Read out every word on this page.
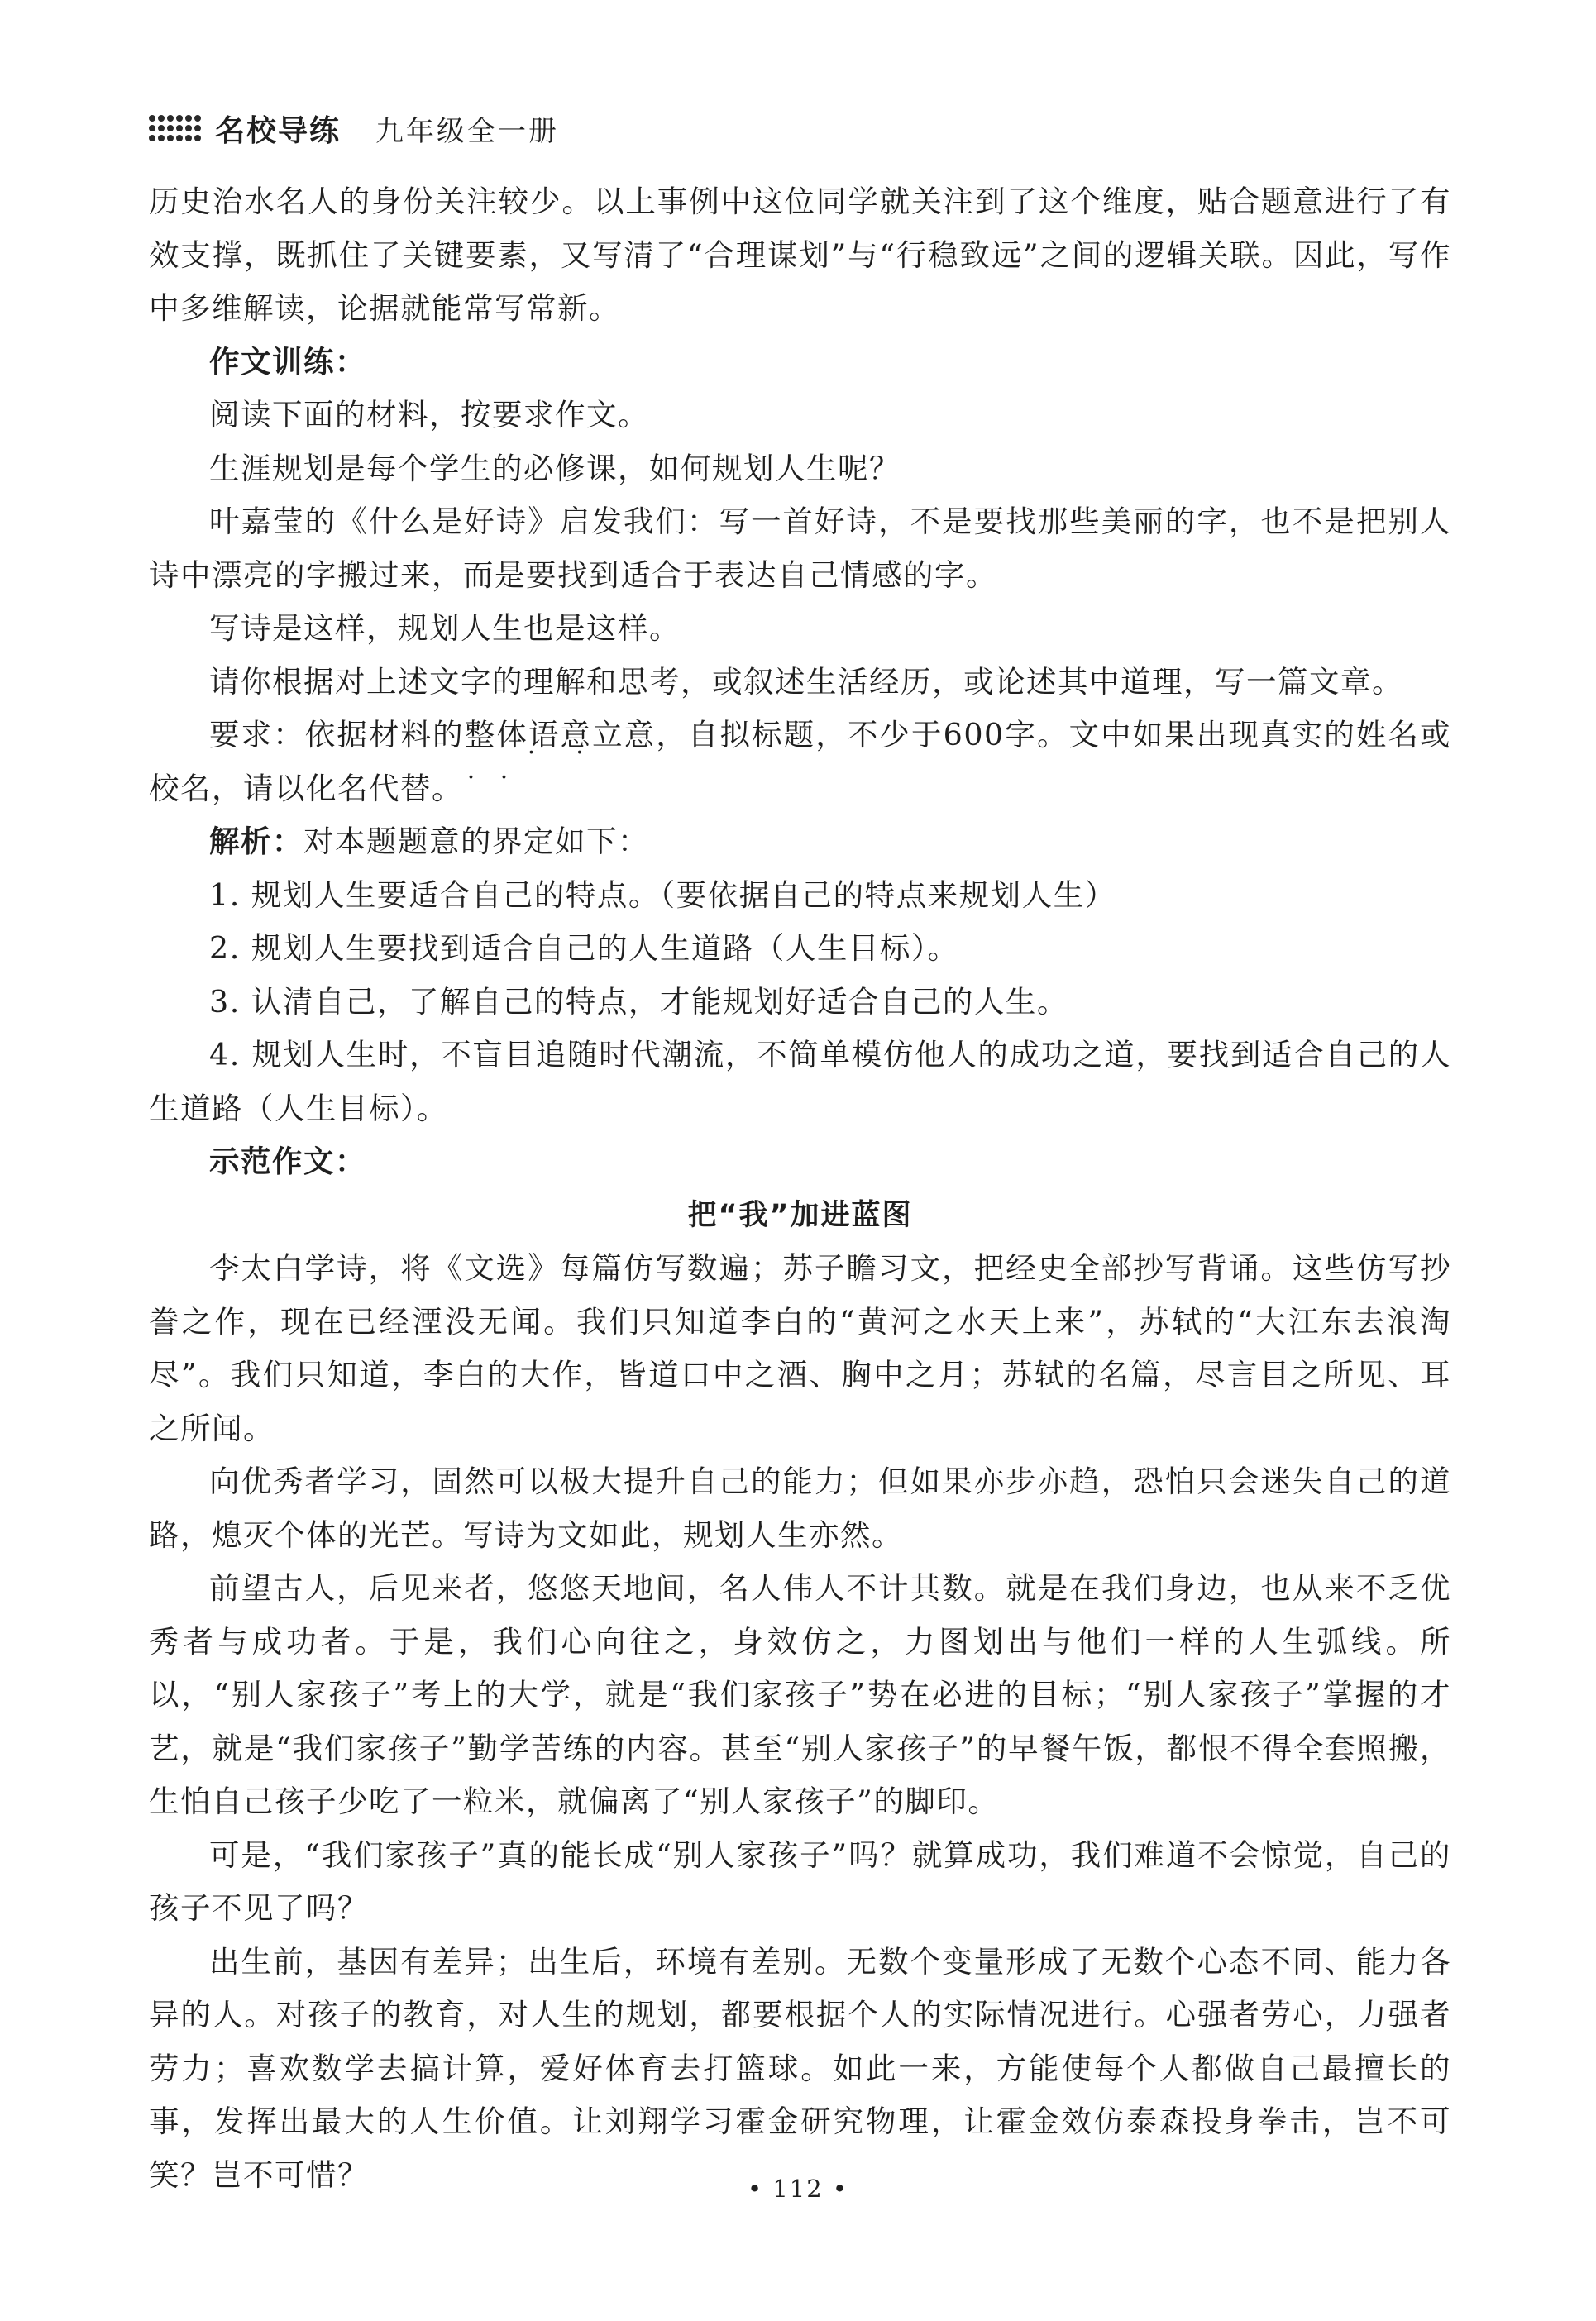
名校导练 九年级全一册

历史治水名人的身份关注较少。以上事例中这位同学就关注到了这个维度，贴合题意进行了有效支撑，既抓住了关键要素，又写清了“合理谋划”与“行稳致远”之间的逻辑关联。因此，写作中多维解读，论据就能常写常新。

作文训练：

阅读下面的材料，按要求作文。

生涯规划是每个学生的必修课，如何规划人生呢？

叶嘉莹的《什么是好诗》启发我们：写一首好诗，不是要找那些美丽的字，也不是把别人诗中漂亮的字搬过来，而是要找到适合于表达自己情感的字。

写诗是这样，规划人生也是这样。

请你根据对上述文字的理解和思考，或叙述生活经历，或论述其中道理，写一篇文章。

要求：依据材料的整体语意 · · · ·立意，自拟标题，不少于600字。文中如果出现真实的姓名或校名，请以化名代替。

解析：对本题题意的界定如下：

1. 规划人生要适合自己的特点。（要依据自己的特点来规划人生）

2. 规划人生要找到适合自己的人生道路（人生目标）。

3. 认清自己，了解自己的特点，才能规划好适合自己的人生。

4. 规划人生时，不盲目追随时代潮流，不简单模仿他人的成功之道，要找到适合自己的人生道路（人生目标）。

示范作文：

把“我”加进蓝图

李太白学诗，将《文选》每篇仿写数遍；苏子瞻习文，把经史全部抄写背诵。这些仿写抄誊之作，现在已经湮没无闻。我们只知道李白的“黄河之水天上来”，苏轼的“大江东去浪淘尽”。我们只知道，李白的大作，皆道口中之酒、胸中之月；苏轼的名篇，尽言目之所见、耳之所闻。

向优秀者学习，固然可以极大提升自己的能力；但如果亦步亦趋，恐怕只会迷失自己的道路，熄灭个体的光芒。写诗为文如此，规划人生亦然。

前望古人，后见来者，悠悠天地间，名人伟人不计其数。就是在我们身边，也从来不乏优秀者与成功者。于是，我们心向往之，身效仿之，力图划出与他们一样的人生弧线。所以，“别人家孩子”考上的大学，就是“我们家孩子”势在必进的目标；“别人家孩子”掌握的才艺，就是“我们家孩子”勤学苦练的内容。甚至“别人家孩子”的早餐午饭，都恨不得全套照搬，生怕自己孩子少吃了一粒米，就偏离了“别人家孩子”的脚印。

可是，“我们家孩子”真的能长成“别人家孩子”吗？就算成功，我们难道不会惊觉，自己的孩子不见了吗？

出生前，基因有差异；出生后，环境有差别。无数个变量形成了无数个心态不同、能力各异的人。对孩子的教育，对人生的规划，都要根据个人的实际情况进行。心强者劳心，力强者劳力；喜欢数学去搞计算，爱好体育去打篮球。如此一来，方能使每个人都做自己最擅长的事，发挥出最大的人生价值。让刘翔学习霍金研究物理，让霍金效仿泰森投身拳击，岂不可笑？岂不可惜？	• 112 •
